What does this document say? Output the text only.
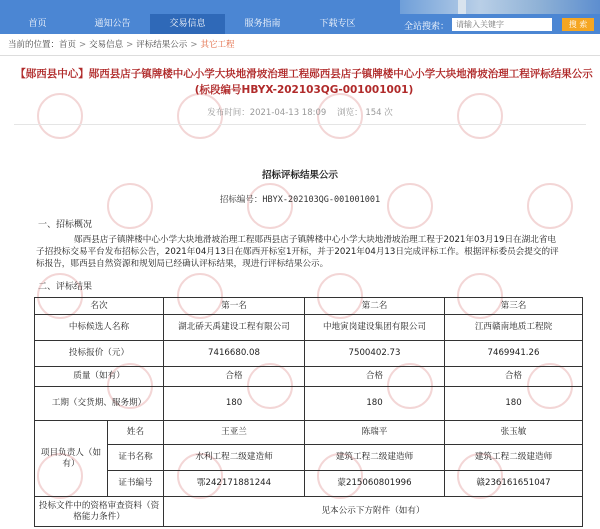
首页	通知公告	交易信息	服务指南	下载专区	全站搜索：
请输入关键字	搜 索
当前的位置：首页 > 交易信息 > 评标结果公示 > 其它工程
【郧西县中心】郧西县店子镇牌楼中心小学大块地滑坡治理工程郧西县店子镇牌楼中心小学大块地滑坡治理工程评标结果公示(标段编号HBYX-202103QG-001001001)
发布时间：2021-04-13 18:09 浏览： 154 次
招标评标结果公示
招标编号：HBYX-202103QG-001001001
一、招标概况
郧西县店子镇牌楼中心小学大块地滑坡治理工程郧西县店子镇牌楼中心小学大块地滑坡治理工程于2021年03月19日在湖北省电子招投标交易平台发布招标公告，2021年04月13日在郧西开标室1开标，并于2021年04月13日完成评标工作。根据评标委员会提交的评标报告，郧西县自然资源和规划局已经确认评标结果，现进行评标结果公示。
二、评标结果
名次		第一名	第二名	第三名
中标候选人名称		湖北硚天禹建设工程有限公司	中地寅岗建设集团有限公司	江西赣南地质工程院
投标报价（元）		7416680.08	7500402.73	7469941.26
质量（如有）		合格	合格	合格
工期（交货期、服务期）		180	180	180
项目负责人（如有）	姓名	王亚兰	陈瑞平	张玉敏
	证书名称	水利工程二级建造师	建筑工程二级建造师	建筑工程二级建造师
	证书编号	鄂242171881244	蒙215060801996	赣236161651047
投标文件中的资格审查资料（资格能力条件）		见本公示下方附件（如有）		
